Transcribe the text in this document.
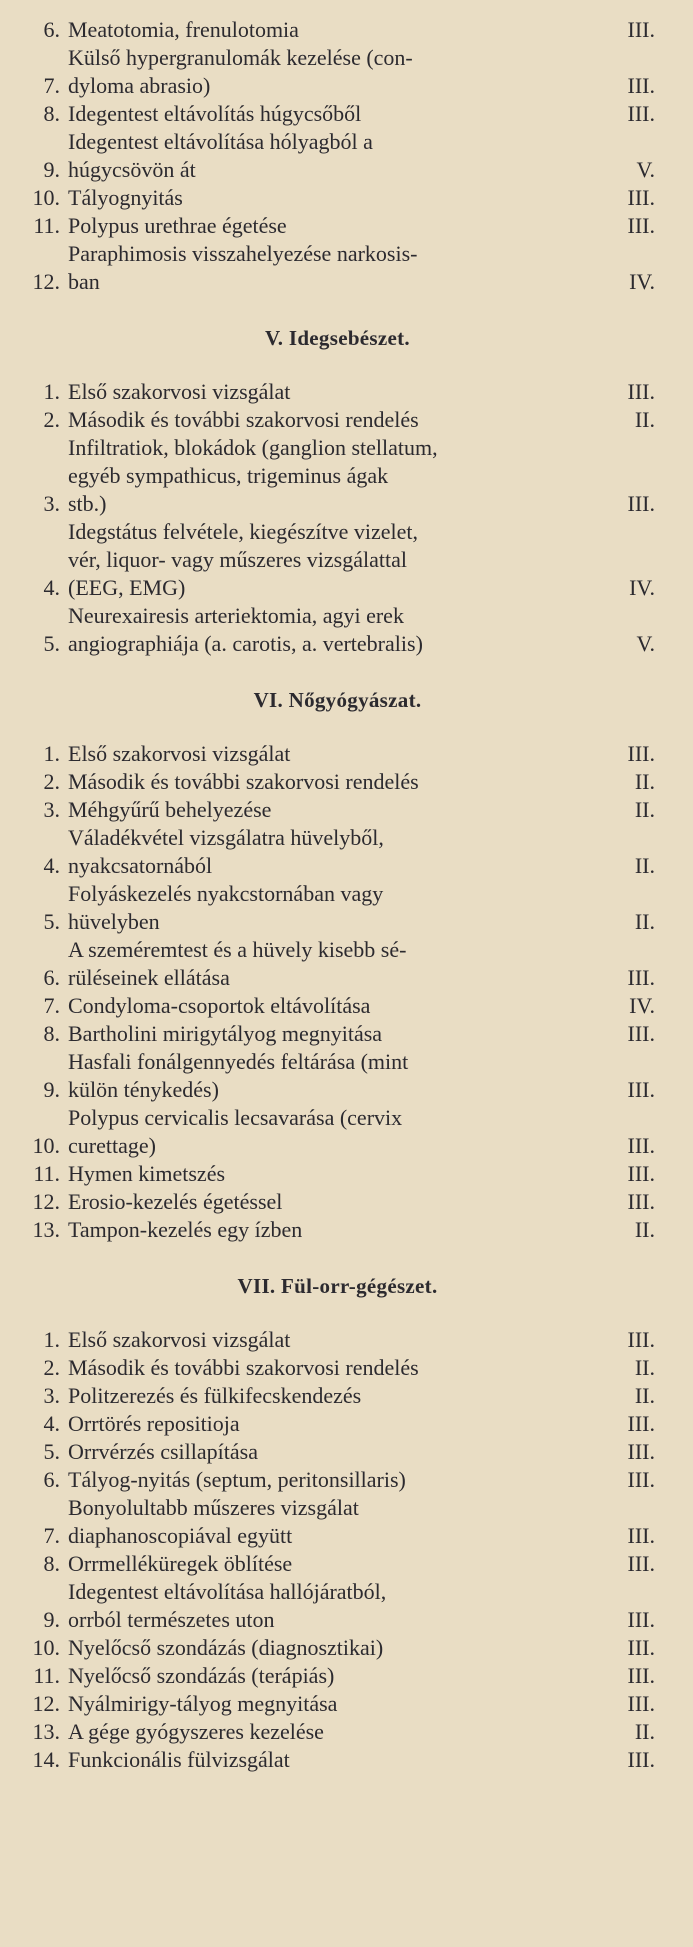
6. Meatotomia, frenulotomia	III.
7.
Külső hypergranulomák kezelése (con-
dyloma abrasio)	III.
8. Idegentest eltávolítás húgycsőből	III.
9.
Idegentest eltávolítása hólyagból a
húgycsövön át	V.
10. Tályognyitás	III.
11. Polypus urethrae égetése	III.
12.
Paraphimosis visszahelyezése narkosis-
ban	IV.
V. Idegsebészet.
1. Első szakorvosi vizsgálat	III.
2. Második és további szakorvosi rendelés	II.
3.
Infiltratiok, blokádok (ganglion stellatum,
egyéb sympathicus, trigeminus ágak
stb.)	III.
4.
Idegstátus felvétele, kiegészítve vizelet,
vér, liquor- vagy műszeres vizsgálattal
(EEG, EMG)	IV.
5.
Neurexairesis arteriektomia, agyi erek
angiographiája (a. carotis, a. vertebralis)	V.
VI. Nőgyógyászat.
1. Első szakorvosi vizsgálat	III.
2. Második és további szakorvosi rendelés	II.
3. Méhgyűrű behelyezése	II.
4.
Váladékvétel vizsgálatra hüvelyből,
nyakcsatornából	II.
5.
Folyáskezelés nyakcstornában vagy
hüvelyben	II.
6.
A szeméremtest és a hüvely kisebb sé-
rüléseinek ellátása	III.
7. Condyloma-csoportok eltávolítása	IV.
8. Bartholini mirigytályog megnyitása	III.
9.
Hasfali fonálgennyedés feltárása (mint
külön ténykedés)	III.
10.
Polypus cervicalis lecsavarása (cervix
curettage)	III.
11. Hymen kimetszés	III.
12. Erosio-kezelés égetéssel	III.
13. Tampon-kezelés egy ízben	II.
VII. Fül-orr-gégészet.
1. Első szakorvosi vizsgálat	III.
2. Második és további szakorvosi rendelés	II.
3. Politzerezés és fülkifecskendezés	II.
4. Orrtörés repositioja	III.
5. Orrvérzés csillapítása	III.
6. Tályog-nyitás (septum, peritonsillaris)	III.
7.
Bonyolultabb műszeres vizsgálat
diaphanoscopiával együtt	III.
8. Orrmelléküregek öblítése	III.
9.
Idegentest eltávolítása hallójáratból,
orrból természetes uton	III.
10. Nyelőcső szondázás (diagnosztikai)	III.
11. Nyelőcső szondázás (terápiás)	III.
12. Nyálmirigy-tályog megnyitása	III.
13. A gége gyógyszeres kezelése	II.
14. Funkcionális fülvizsgálat	III.
